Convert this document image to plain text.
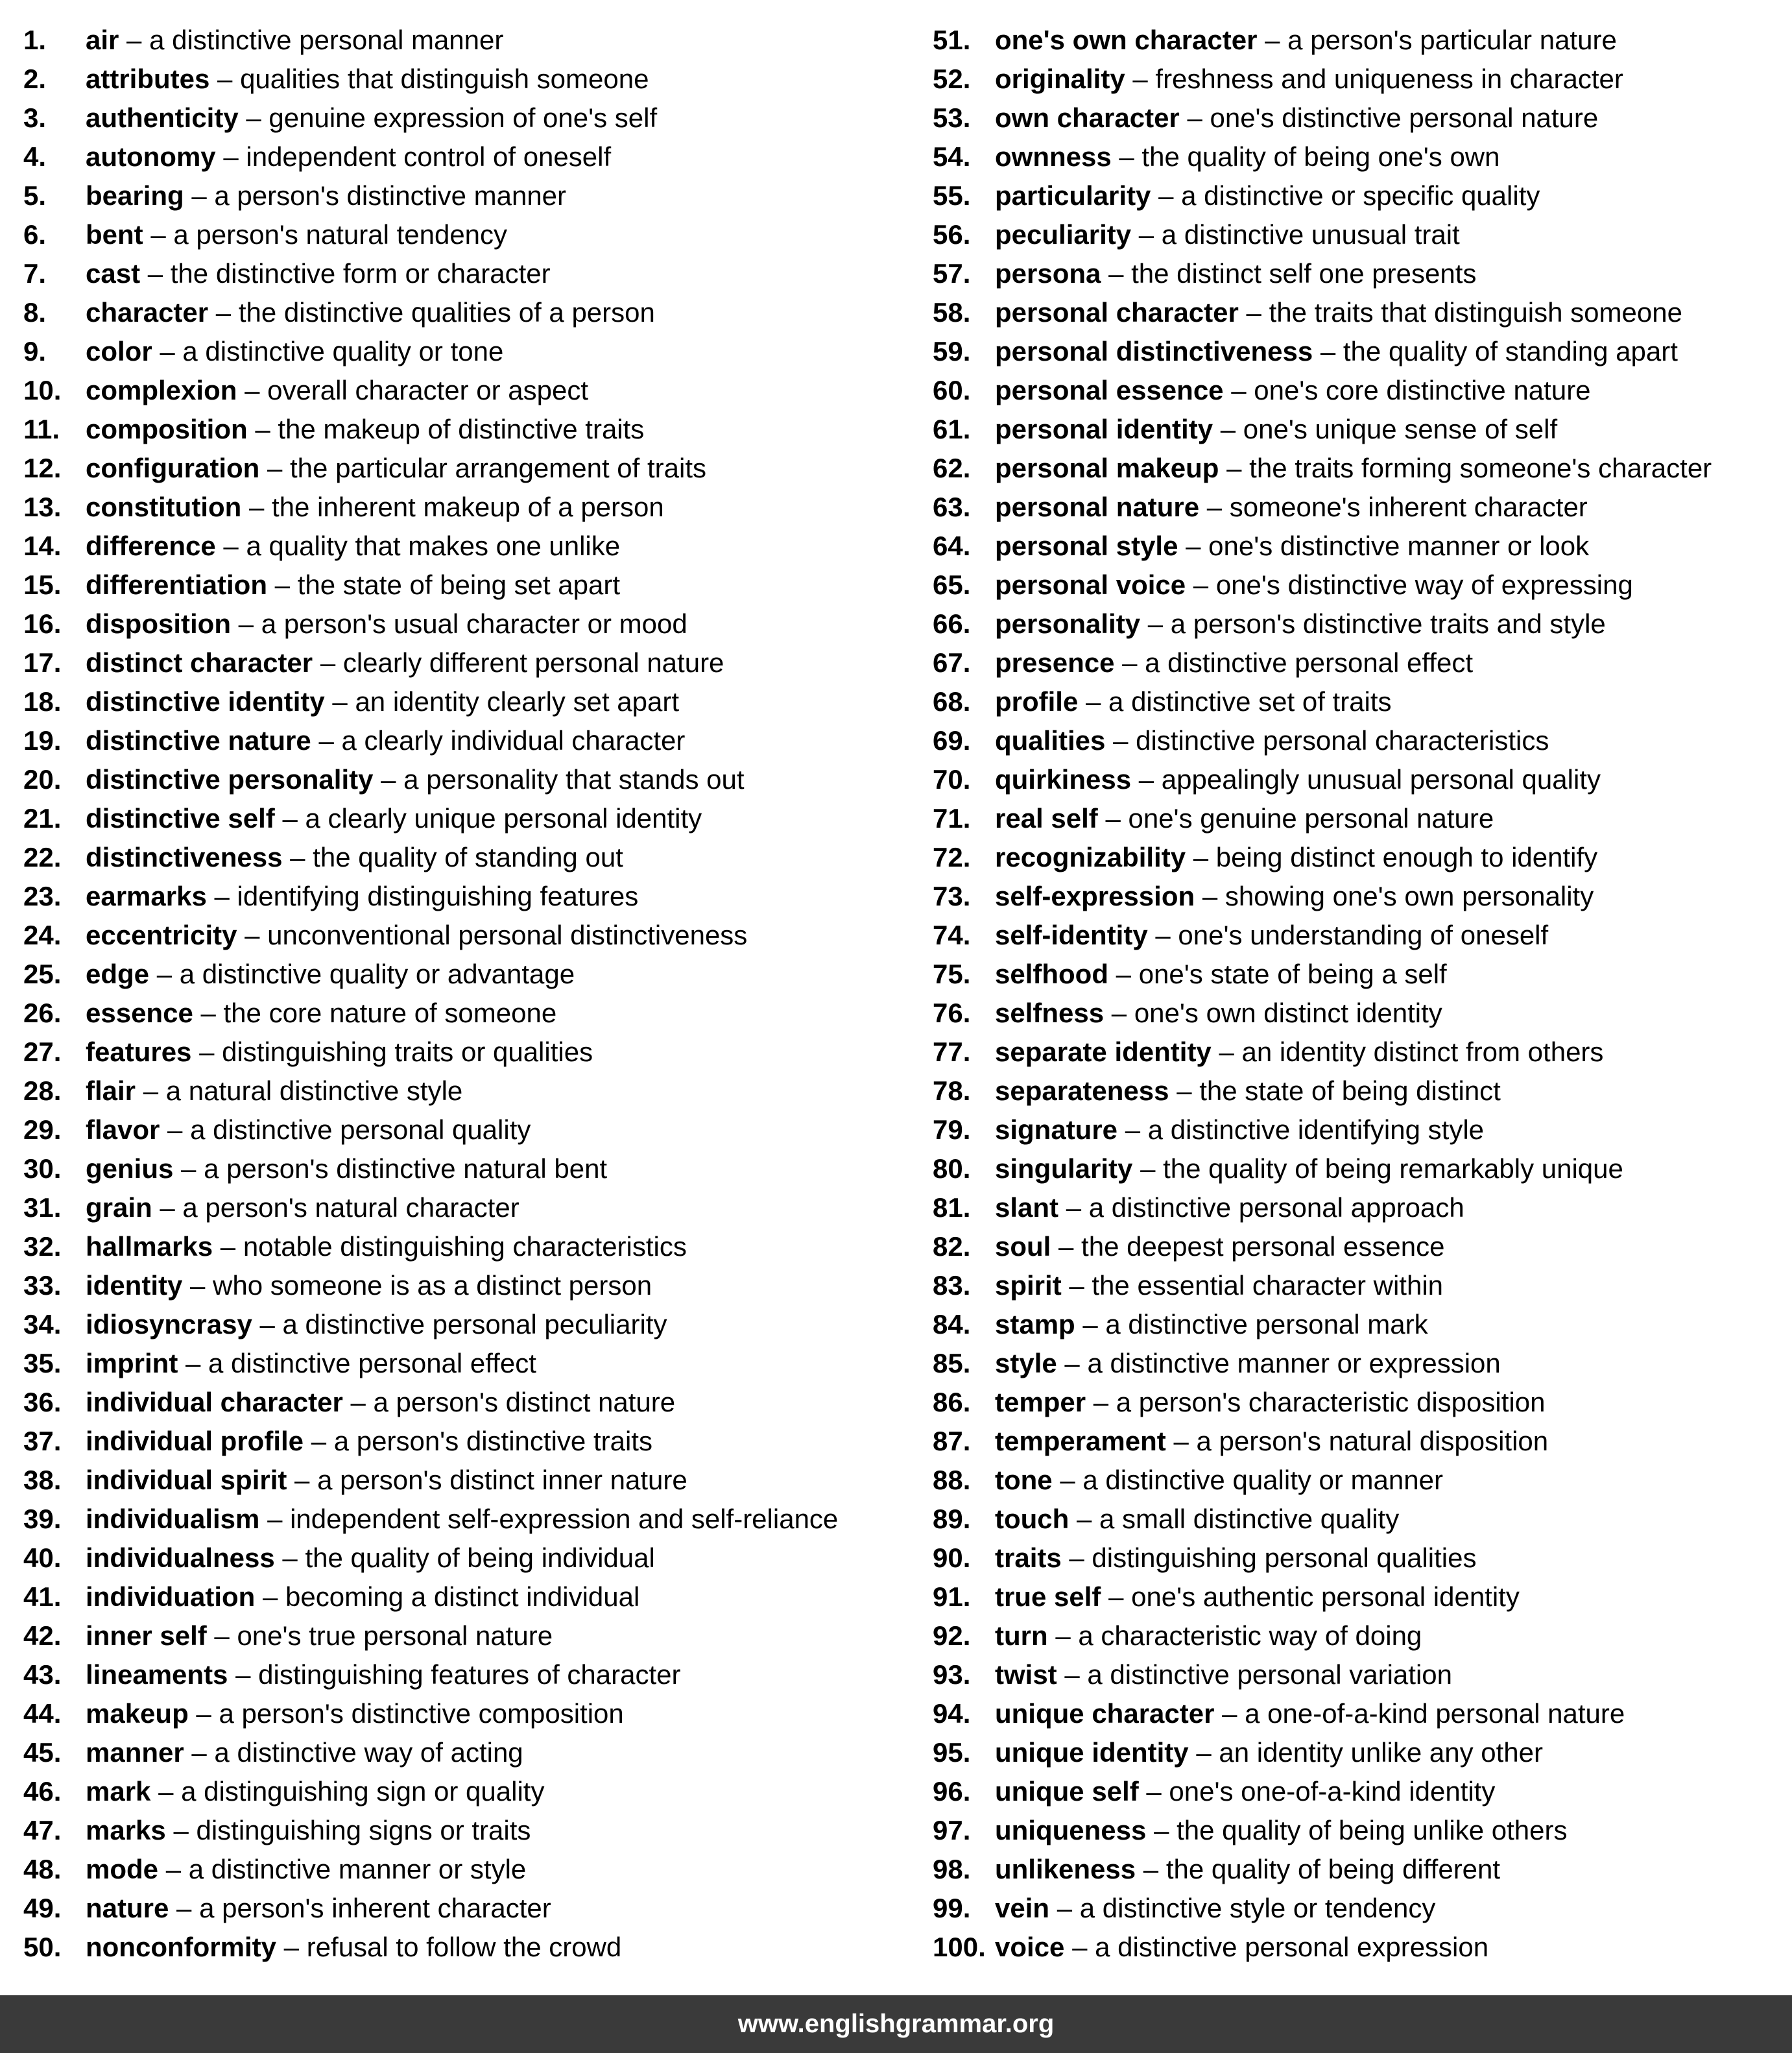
1. air – a distinctive personal manner
2. attributes – qualities that distinguish someone
3. authenticity – genuine expression of one's self
4. autonomy – independent control of oneself
5. bearing – a person's distinctive manner
6. bent – a person's natural tendency
7. cast – the distinctive form or character
8. character – the distinctive qualities of a person
9. color – a distinctive quality or tone
10. complexion – overall character or aspect
11. composition – the makeup of distinctive traits
12. configuration – the particular arrangement of traits
13. constitution – the inherent makeup of a person
14. difference – a quality that makes one unlike
15. differentiation – the state of being set apart
16. disposition – a person's usual character or mood
17. distinct character – clearly different personal nature
18. distinctive identity – an identity clearly set apart
19. distinctive nature – a clearly individual character
20. distinctive personality – a personality that stands out
21. distinctive self – a clearly unique personal identity
22. distinctiveness – the quality of standing out
23. earmarks – identifying distinguishing features
24. eccentricity – unconventional personal distinctiveness
25. edge – a distinctive quality or advantage
26. essence – the core nature of someone
27. features – distinguishing traits or qualities
28. flair – a natural distinctive style
29. flavor – a distinctive personal quality
30. genius – a person's distinctive natural bent
31. grain – a person's natural character
32. hallmarks – notable distinguishing characteristics
33. identity – who someone is as a distinct person
34. idiosyncrasy – a distinctive personal peculiarity
35. imprint – a distinctive personal effect
36. individual character – a person's distinct nature
37. individual profile – a person's distinctive traits
38. individual spirit – a person's distinct inner nature
39. individualism – independent self-expression and self-reliance
40. individualness – the quality of being individual
41. individuation – becoming a distinct individual
42. inner self – one's true personal nature
43. lineaments – distinguishing features of character
44. makeup – a person's distinctive composition
45. manner – a distinctive way of acting
46. mark – a distinguishing sign or quality
47. marks – distinguishing signs or traits
48. mode – a distinctive manner or style
49. nature – a person's inherent character
50. nonconformity – refusal to follow the crowd
51. one's own character – a person's particular nature
52. originality – freshness and uniqueness in character
53. own character – one's distinctive personal nature
54. ownness – the quality of being one's own
55. particularity – a distinctive or specific quality
56. peculiarity – a distinctive unusual trait
57. persona – the distinct self one presents
58. personal character – the traits that distinguish someone
59. personal distinctiveness – the quality of standing apart
60. personal essence – one's core distinctive nature
61. personal identity – one's unique sense of self
62. personal makeup – the traits forming someone's character
63. personal nature – someone's inherent character
64. personal style – one's distinctive manner or look
65. personal voice – one's distinctive way of expressing
66. personality – a person's distinctive traits and style
67. presence – a distinctive personal effect
68. profile – a distinctive set of traits
69. qualities – distinctive personal characteristics
70. quirkiness – appealingly unusual personal quality
71. real self – one's genuine personal nature
72. recognizability – being distinct enough to identify
73. self-expression – showing one's own personality
74. self-identity – one's understanding of oneself
75. selfhood – one's state of being a self
76. selfness – one's own distinct identity
77. separate identity – an identity distinct from others
78. separateness – the state of being distinct
79. signature – a distinctive identifying style
80. singularity – the quality of being remarkably unique
81. slant – a distinctive personal approach
82. soul – the deepest personal essence
83. spirit – the essential character within
84. stamp – a distinctive personal mark
85. style – a distinctive manner or expression
86. temper – a person's characteristic disposition
87. temperament – a person's natural disposition
88. tone – a distinctive quality or manner
89. touch – a small distinctive quality
90. traits – distinguishing personal qualities
91. true self – one's authentic personal identity
92. turn – a characteristic way of doing
93. twist – a distinctive personal variation
94. unique character – a one-of-a-kind personal nature
95. unique identity – an identity unlike any other
96. unique self – one's one-of-a-kind identity
97. uniqueness – the quality of being unlike others
98. unlikeness – the quality of being different
99. vein – a distinctive style or tendency
100. voice – a distinctive personal expression
www.englishgrammar.org
